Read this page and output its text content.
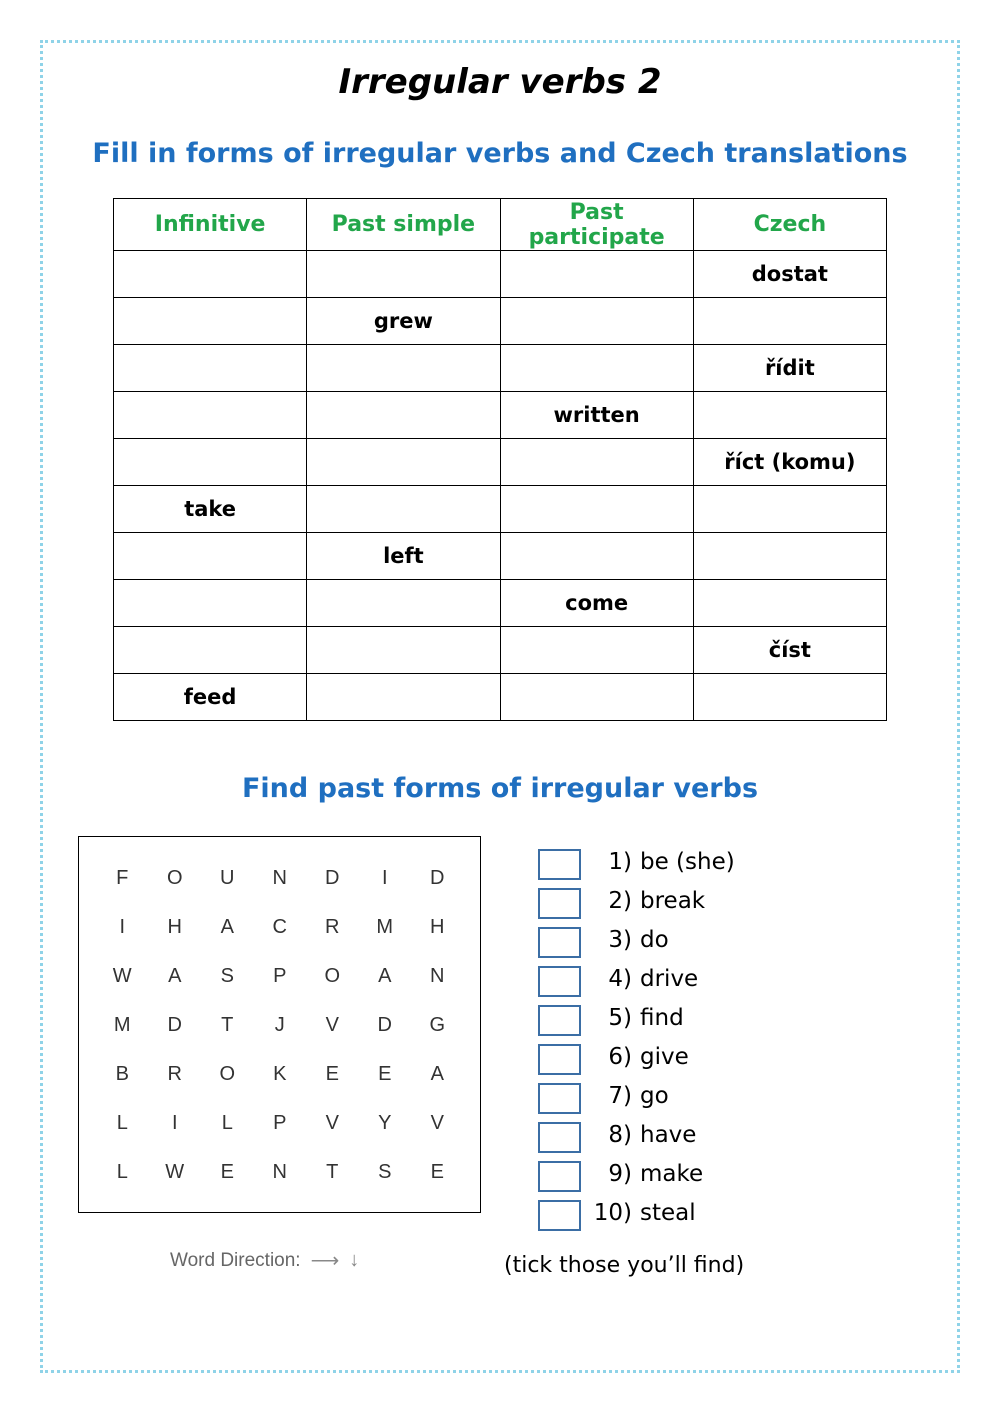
Irregular verbs 2
Fill in forms of irregular verbs and Czech translations
Infinitive	Past simple	Past participate	Czech
			dostat
	grew		
			řídit
		written	
			říct (komu)
take			
	left		
		come	
			číst
feed			
Find past forms of irregular verbs
F	O	U	N	D	I	D
I	H	A	C	R	M	H
W	A	S	P	O	A	N
M	D	T	J	V	D	G
B	R	O	K	E	E	A
L	I	L	P	V	Y	V
L	W	E	N	T	S	E
Word Direction: ⟶ ↓
1) be (she)
2) break
3) do
4) drive
5) find
6) give
7) go
8) have
9) make
10) steal
(tick those you’ll find)
